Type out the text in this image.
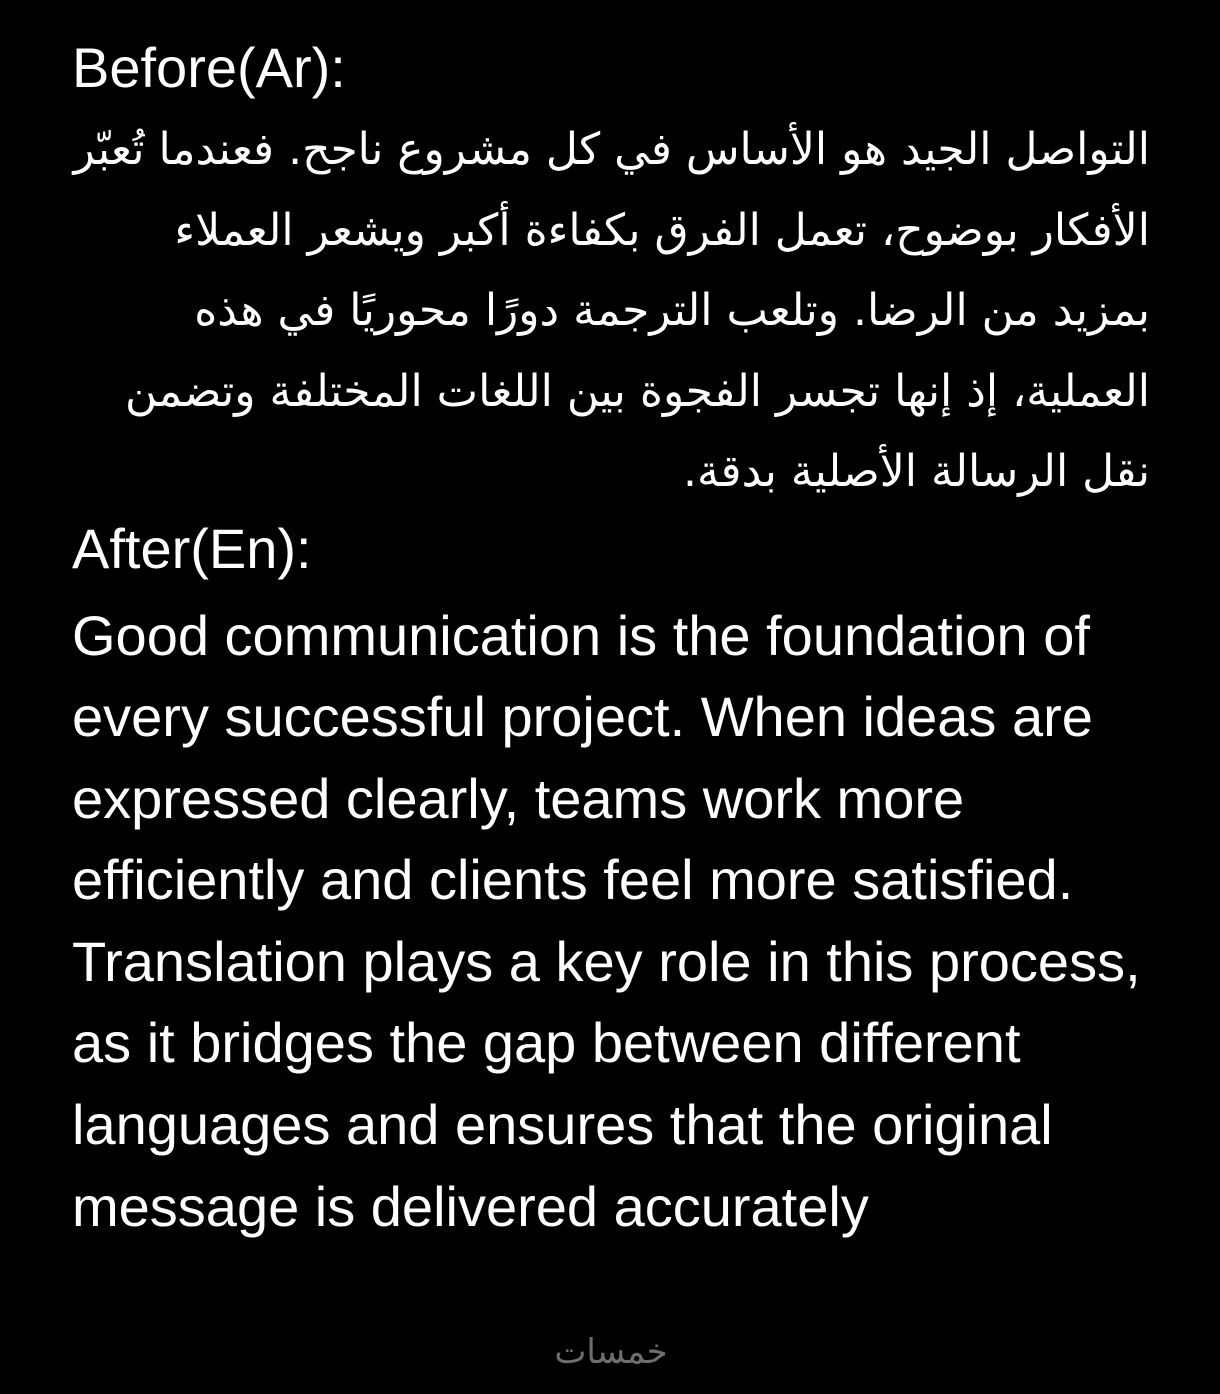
Before(Ar):

التواصل الجيد هو الأساس في كل مشروع ناجح. فعندما تُعبّر الأفكار بوضوح، تعمل الفرق بكفاءة أكبر ويشعر العملاء بمزيد من الرضا. وتلعب الترجمة دورًا محوريًا في هذه العملية، إذ إنها تجسر الفجوة بين اللغات المختلفة وتضمن نقل الرسالة الأصلية بدقة.

After(En):

Good communication is the foundation of every successful project. When ideas are expressed clearly, teams work more efficiently and clients feel more satisfied. Translation plays a key role in this process, as it bridges the gap between different languages and ensures that the original message is delivered accurately

خمسات
